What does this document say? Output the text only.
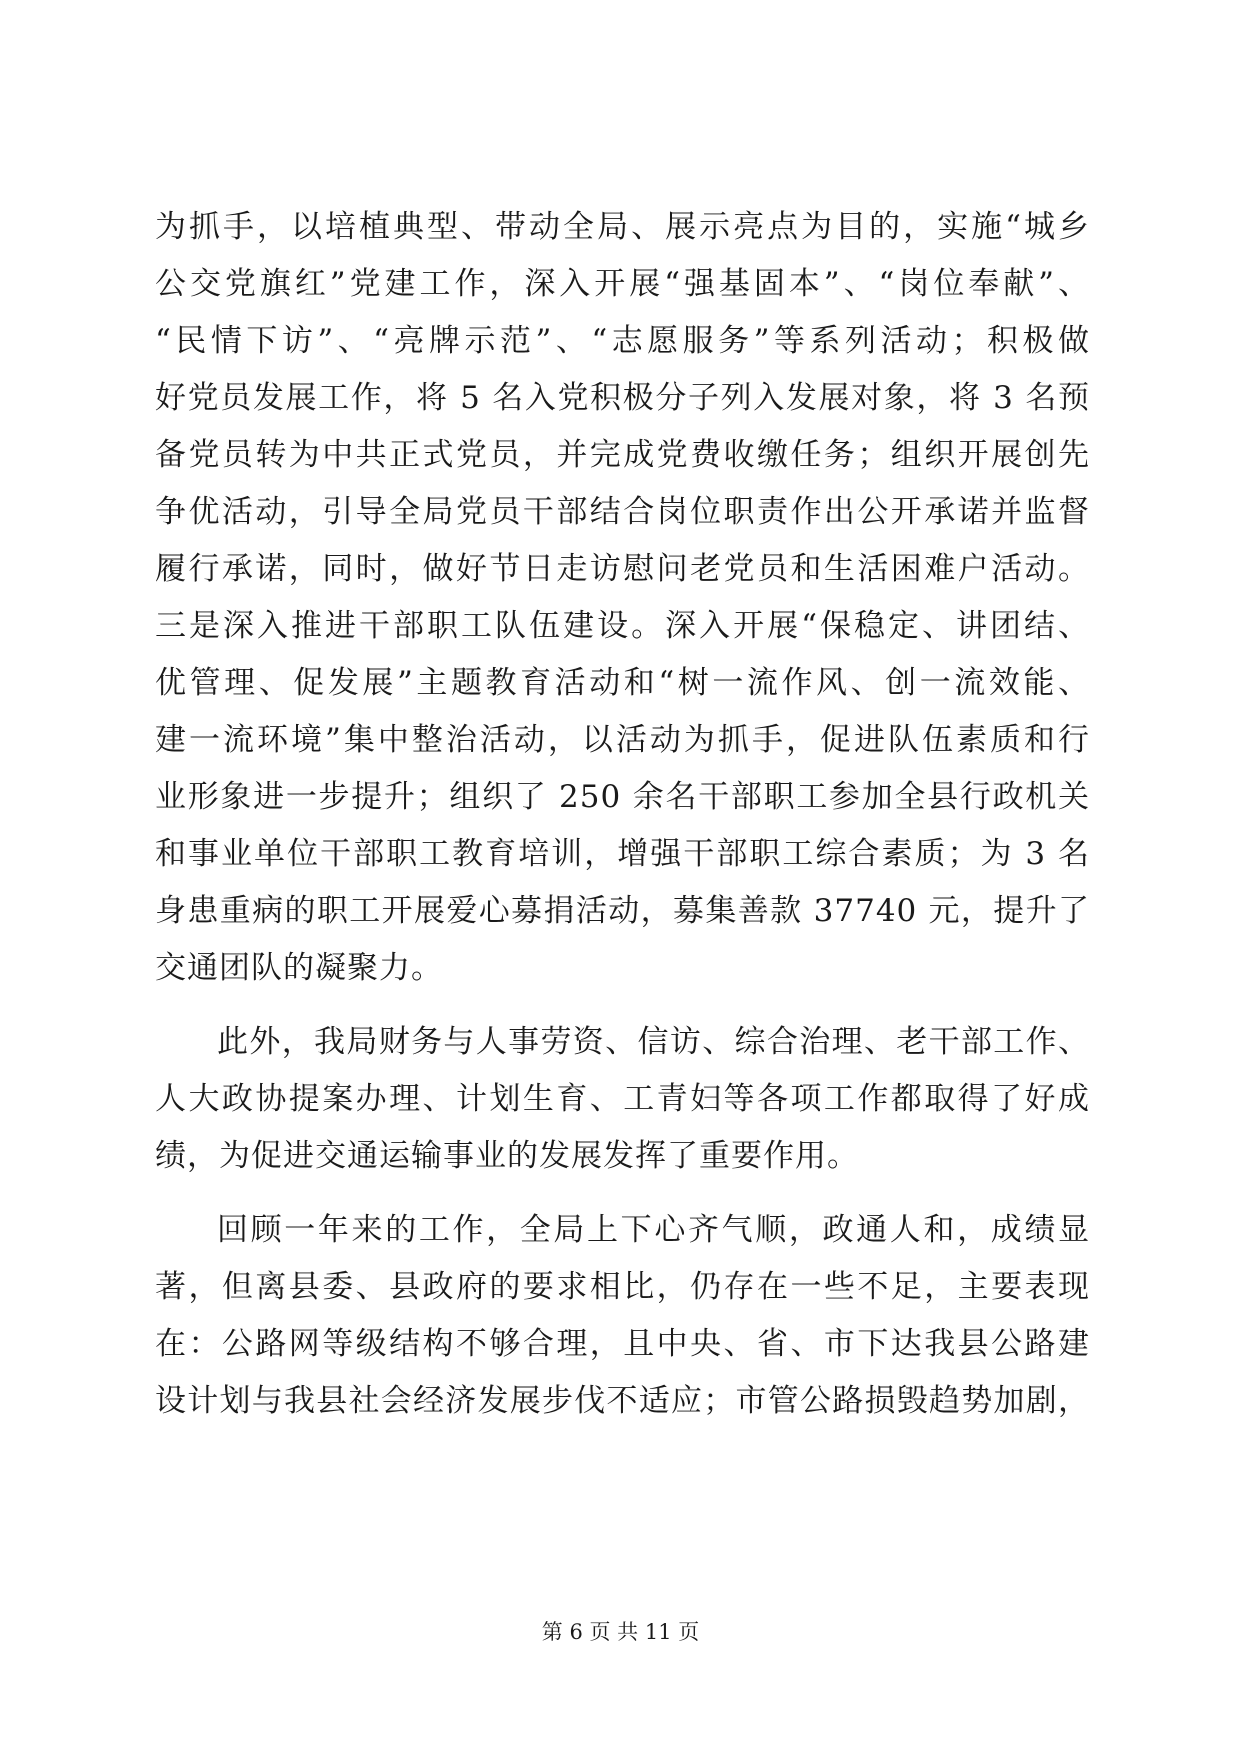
为抓手，以培植典型、带动全局、展示亮点为目的，实施“城乡
公交党旗红”党建工作，深入开展“强基固本”、“岗位奉献”、
“民情下访”、“亮牌示范”、“志愿服务”等系列活动；积极做
好党员发展工作，将 5 名入党积极分子列入发展对象，将 3 名预
备党员转为中共正式党员，并完成党费收缴任务；组织开展创先
争优活动，引导全局党员干部结合岗位职责作出公开承诺并监督
履行承诺，同时，做好节日走访慰问老党员和生活困难户活动。
三是深入推进干部职工队伍建设。深入开展“保稳定、讲团结、
优管理、促发展”主题教育活动和“树一流作风、创一流效能、
建一流环境”集中整治活动，以活动为抓手，促进队伍素质和行
业形象进一步提升；组织了 250 余名干部职工参加全县行政机关
和事业单位干部职工教育培训，增强干部职工综合素质；为 3 名
身患重病的职工开展爱心募捐活动，募集善款 37740 元，提升了
交通团队的凝聚力。
此外，我局财务与人事劳资、信访、综合治理、老干部工作、
人大政协提案办理、计划生育、工青妇等各项工作都取得了好成
绩，为促进交通运输事业的发展发挥了重要作用。
回顾一年来的工作，全局上下心齐气顺，政通人和，成绩显
著，但离县委、县政府的要求相比，仍存在一些不足，主要表现
在：公路网等级结构不够合理，且中央、省、市下达我县公路建
设计划与我县社会经济发展步伐不适应；市管公路损毁趋势加剧，
第 6 页 共 11 页
